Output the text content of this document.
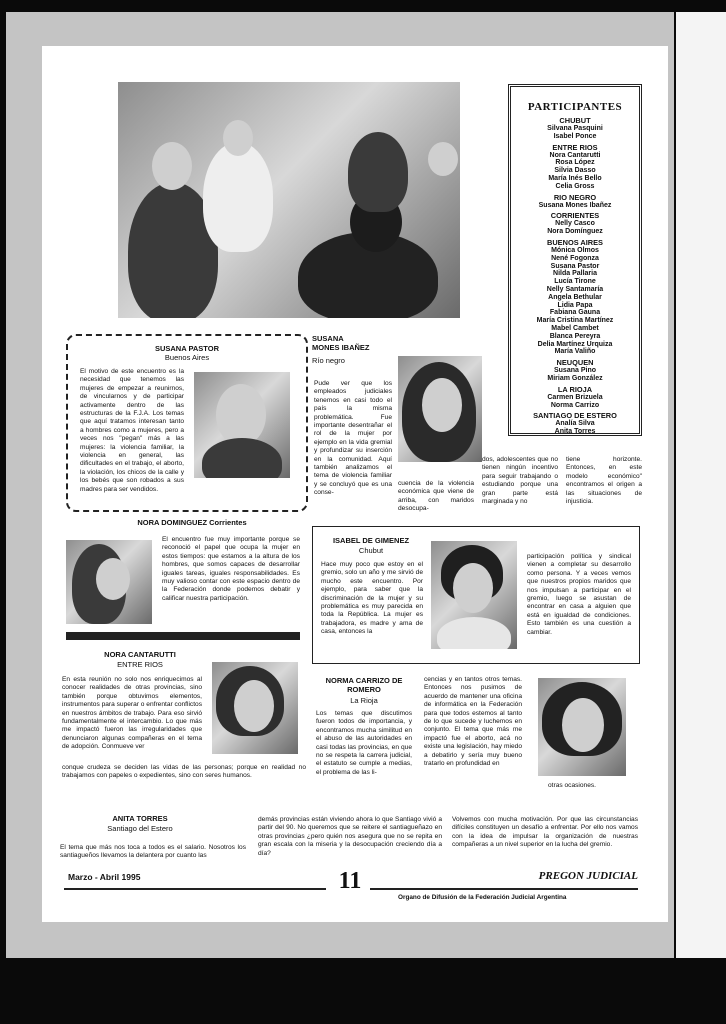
PARTICIPANTES
CHUBUT
Silvana Pasquini
Isabel Ponce
ENTRE RIOS
Nora Cantarutti
Rosa López
Silvia Dasso
María Inés Bello
Celia Gross
RIO NEGRO
Susana Mones Ibañez
CORRIENTES
Nelly Casco
Nora Domínguez
BUENOS AIRES
Mónica Olmos
Nené Fogonza
Susana Pastor
Nilda Pallaria
Lucía Tirone
Nelly Santamaría
Angela Bethular
Lidia Papa
Fabiana Gauna
María Cristina Martínez
Mabel Cambet
Blanca Pereyra
Delia Martínez Urquiza
María Valiño
NEUQUEN
Susana Pino
Miriam González
LA RIOJA
Carmen Brizuela
Norma Carrizo
SANTIAGO DE ESTERO
Analía Silva
Anita Torres
SUSANA PASTOR
Buenos Aires
El motivo de este encuentro es la necesidad que tenemos las mujeres de empezar a reunirnos, de vincularnos y de participar activamente dentro de las estructuras de la F.J.A. Los temas que aquí tratamos interesan tanto a hombres como a mujeres, pero a veces nos "pegan" más a las mujeres: la violencia familiar, la violencia en general, las dificultades en el trabajo, el aborto, la violación, los chicos de la calle y los bebés que son robados a sus madres para ser vendidos.
SUSANA MONES IBAÑEZ
Río negro
Pude ver que los empleados judiciales tenemos en casi todo el país la misma problemática. Fue importante desentrañar el rol de la mujer por ejemplo en la vida gremial y profundizar su inserción en la comunidad. Aquí también analizamos el tema de violencia familiar y se concluyó que es una conse-
cuencia de la violencia económica que viene de arriba, con maridos desocupa-
dos, adolescentes que no tienen ningún incentivo para seguir trabajando o estudiando porque una gran parte está marginada y no
tiene horizonte. Entonces, en este modelo económico" encontramos el origen a las situaciones de injusticia.
NORA DOMINGUEZ Corrientes
El encuentro fue muy importante porque se reconoció el papel que ocupa la mujer en estos tiempos: que estamos a la altura de los hombres, que somos capaces de desarrollar iguales tareas, iguales responsabilidades. Es muy valioso contar con este espacio dentro de la Federación donde podemos debatir y calificar nuestra participación.
ISABEL DE GIMENEZ
Chubut
Hace muy poco que estoy en el gremio, solo un año y me sirvió de mucho este encuentro. Por ejemplo, para saber que la discriminación de la mujer y su problemática es muy parecida en toda la República. La mujer es trabajadora, es madre y ama de casa, entonces la
participación política y sindical vienen a completar su desarrollo como persona. Y a veces vemos que nuestros propios maridos que nos impulsan a participar en el gremio, luego se asustan de encontrar en casa a alguien que está en igualdad de condiciones. Esto también es una cuestión a cambiar.
NORA CANTARUTTI
ENTRE RIOS
En esta reunión no solo nos enriquecimos al conocer realidades de otras provincias, sino también porque obtuvimos elementos, instrumentos para superar o enfrentar conflictos en nuestros ámbitos de trabajo. Para eso sirvió fundamentalmente el intercambio. Lo que más me impactó fueron las irregularidades que denunciaron algunas compañeras en el tema de adopción. Conmueve ver
conque crudeza se deciden las vidas de las personas; porque en realidad no trabajamos con papeles o expedientes, sino con seres humanos.
NORMA CARRIZO DE ROMERO
La Rioja
Los temas que discutimos fueron todos de importancia, y encontramos mucha similitud en el abuso de las autoridades en casi todas las provincias, en que no se respeta la carrera judicial, el estatuto se cumple a medias, el problema de las li-
cencias y en tantos otros temas. Entonces nos pusimos de acuerdo de mantener una oficina de informática en la Federación para que todos estemos al tanto de lo que sucede y luchemos en conjunto. El tema que más me impactó fue el aborto, acá no existe una legislación, hay miedo a debatirlo y sería muy bueno tratarlo en profundidad en
otras ocasiones.
ANITA TORRES
Santiago del Estero
El tema que más nos toca a todos es el salario. Nosotros los santiagueños llevamos la delantera por cuanto las
demás provincias están viviendo ahora lo que Santiago vivió a partir del 90. No queremos que se reitere el santiagueñazo en otras provincias ¿pero quién nos asegura que no se repita en gran escala con la miseria y la desocupación creciendo día a día?
Volvemos con mucha motivación. Por que las circunstancias difíciles constituyen un desafío a enfrentar. Por ello nos vamos con la idea de impulsar la organización de nuestras compañeras a un nivel superior en la lucha del gremio.
Marzo - Abril 1995	11	PREGON JUDICIAL
Organo de Difusión de la Federación Judicial Argentina
